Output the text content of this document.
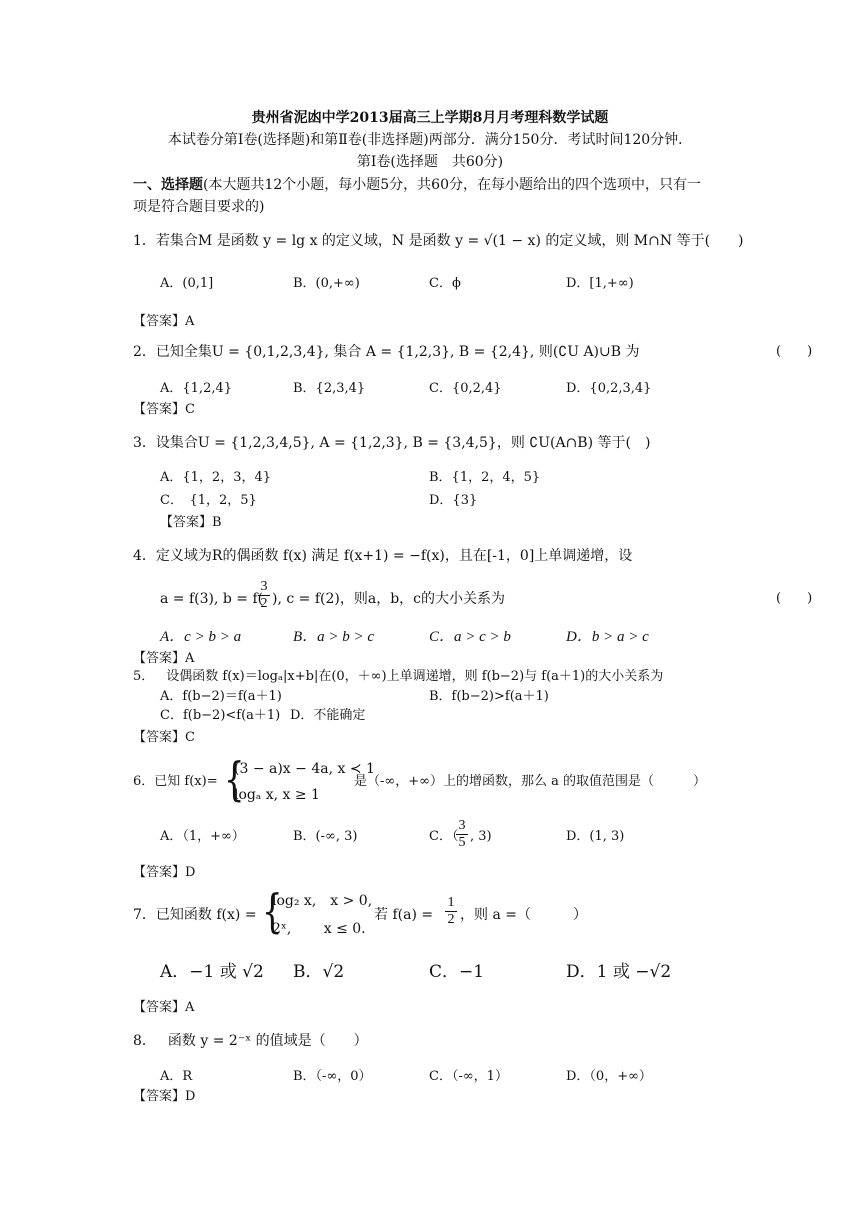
贵州省泥凼中学2013届高三上学期8月月考理科数学试题
本试卷分第Ⅰ卷(选择题)和第Ⅱ卷(非选择题)两部分．满分150分．考试时间120分钟．
第Ⅰ卷(选择题　共60分)
一、选择题(本大题共12个小题，每小题5分，共60分，在每小题给出的四个选项中，只有一
项是符合题目要求的)
1．若集合M 是函数 y = lg x 的定义域，N 是函数 y = √(1 − x) 的定义域，则 M∩N 等于(　　)
A．(0,1]	B．(0,+∞)	C．ϕ	D．[1,+∞)
【答案】A
2．已知全集U = {0,1,2,3,4}, 集合 A = {1,2,3}, B = {2,4}, 则(∁U A)∪B 为	(　　)
A．{1,2,4}	B．{2,3,4}	C．{0,2,4}	D．{0,2,3,4}
【答案】C
3．设集合U = {1,2,3,4,5}, A = {1,2,3}, B = {3,4,5}，则 ∁U(A∩B) 等于(　)
A．{1，2，3，4}	B．{1，2，4，5}
C．　{1，2，5}	D．{3}
【答案】B
4．定义域为R的偶函数 f(x) 满足 f(x+1) = −f(x)，且在[-1，0]上单调递增，设
a = f(3), b = f(
3
2 ), c = f(2)，则a，b，c的大小关系为	(　　)
A．c > b > a	B．a > b > c	C．a > c > b	D．b > a > c
【答案】A
5． 设偶函数 f(x)＝logₐ|x+b|在(0，＋∞)上单调递增，则 f(b−2)与 f(a＋1)的大小关系为
A．f(b−2)＝f(a＋1)	B．f(b−2)>f(a＋1)
C．f(b−2)<f(a＋1) D．不能确定
【答案】C
6．已知 f(x)= {
(3 − a)x − 4a, x ≺ 1
logₐ x, x ≥ 1
是（-∞，+∞）上的增函数，那么 a 的取值范围是（　　　）
A．（1，+∞）	B．(-∞, 3)	C．（
3
5 , 3)	D．(1, 3)
【答案】D
7．已知函数 f(x) = {
log₂ x,　x > 0,
2ˣ,　　 x ≤ 0.
若 f(a) =
1
2 ，则 a =（　　　）
A．−1 或 √2 B．√2	C．−1	D．1 或 −√2
【答案】A
8． 函数 y = 2⁻ˣ 的值域是（　　）
A．R	B．（-∞，0）	C．（-∞，1）	D．（0，+∞）
【答案】D
